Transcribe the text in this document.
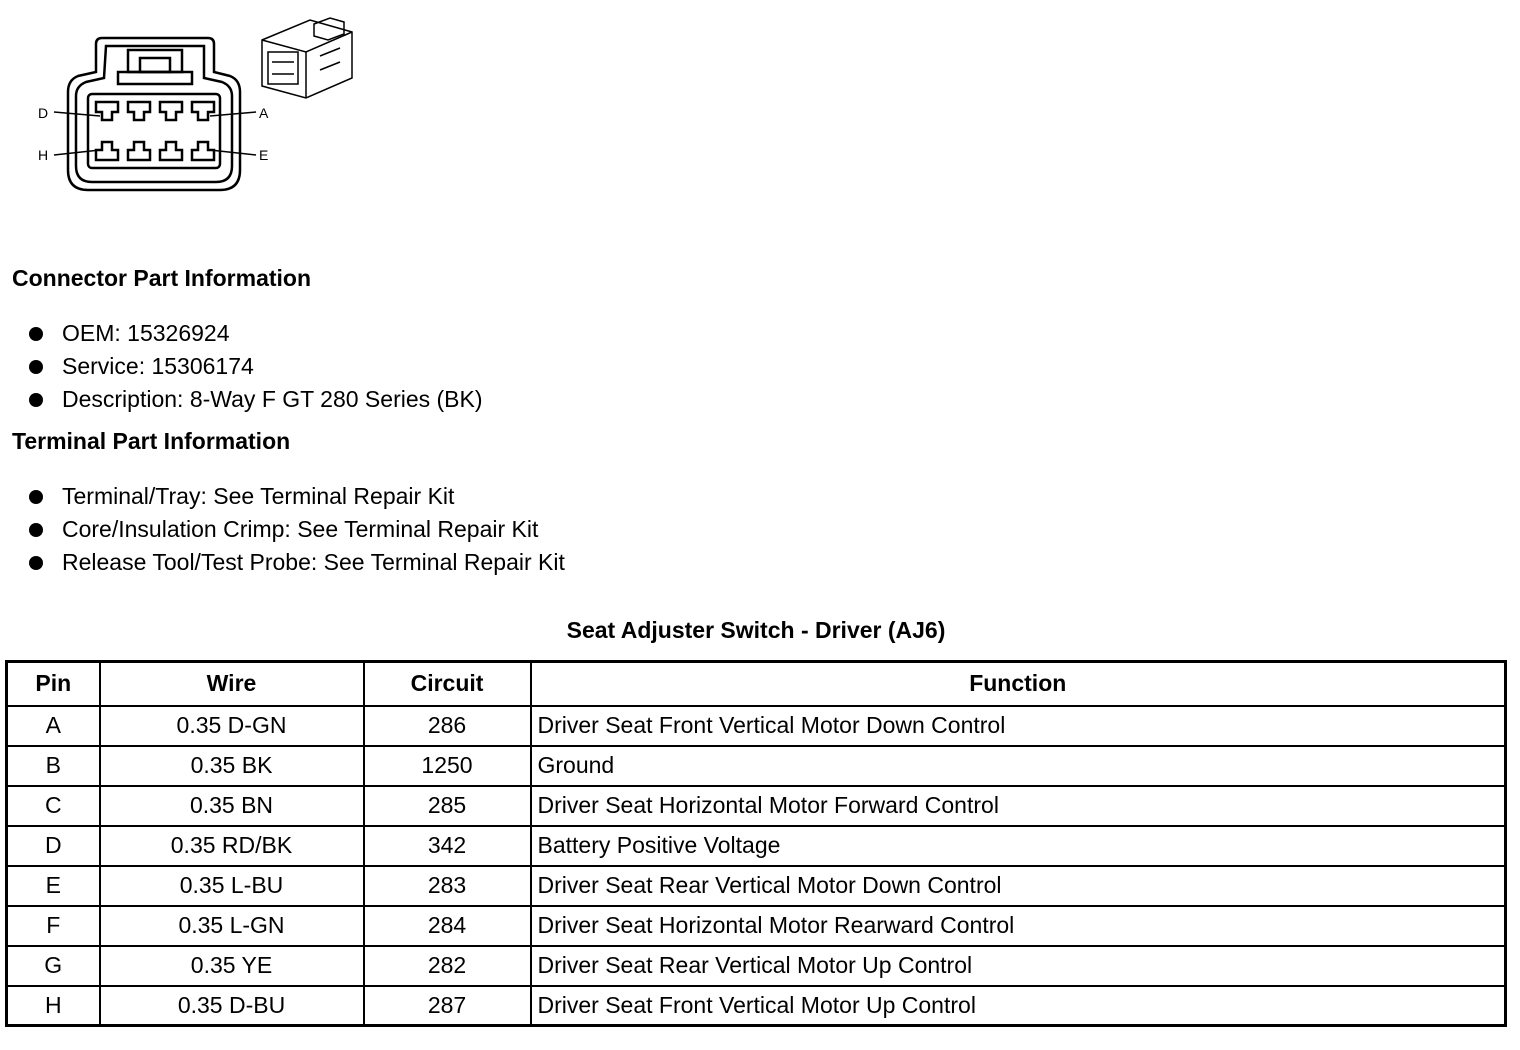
D	A
H	E
Connector Part Information
OEM: 15326924
Service: 15306174
Description: 8-Way F GT 280 Series (BK)
Terminal Part Information
Terminal/Tray: See Terminal Repair Kit
Core/Insulation Crimp: See Terminal Repair Kit
Release Tool/Test Probe: See Terminal Repair Kit
Seat Adjuster Switch - Driver (AJ6)
Pin	Wire	Circuit	Function
A	0.35 D-GN	286	Driver Seat Front Vertical Motor Down Control
B	0.35 BK	1250	Ground
C	0.35 BN	285	Driver Seat Horizontal Motor Forward Control
D	0.35 RD/BK	342	Battery Positive Voltage
E	0.35 L-BU	283	Driver Seat Rear Vertical Motor Down Control
F	0.35 L-GN	284	Driver Seat Horizontal Motor Rearward Control
G	0.35 YE	282	Driver Seat Rear Vertical Motor Up Control
H	0.35 D-BU	287	Driver Seat Front Vertical Motor Up Control
